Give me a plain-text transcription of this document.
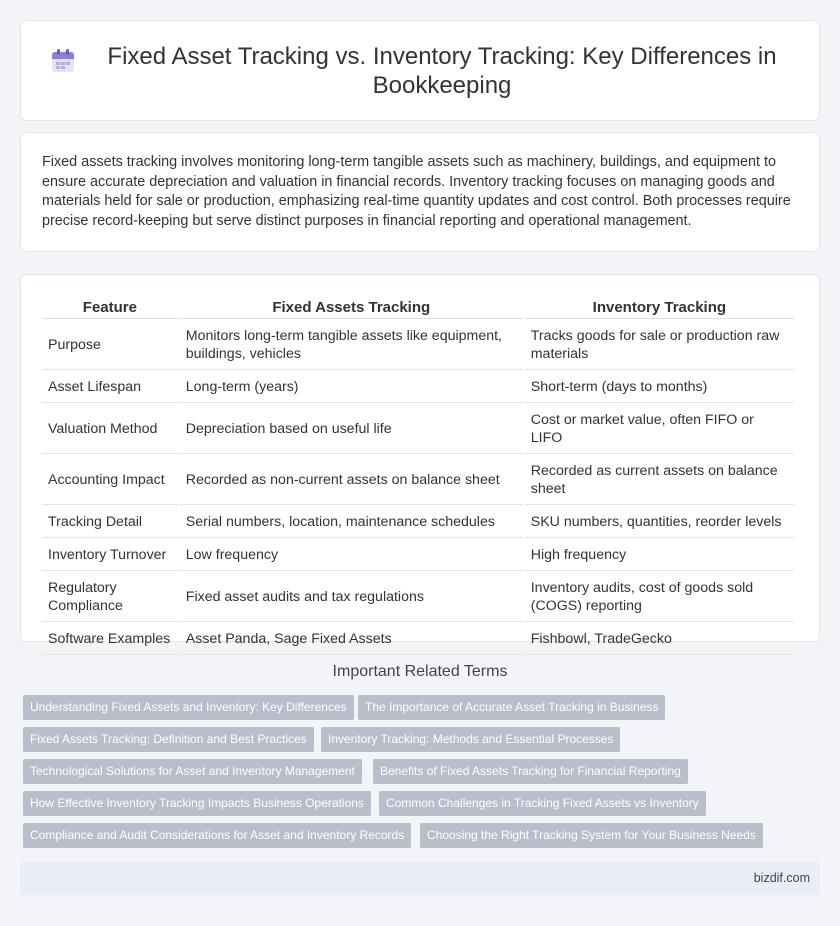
Fixed Asset Tracking vs. Inventory Tracking: Key Differences in Bookkeeping

Fixed assets tracking involves monitoring long-term tangible assets such as machinery, buildings, and equipment to ensure accurate depreciation and valuation in financial records. Inventory tracking focuses on managing goods and materials held for sale or production, emphasizing real-time quantity updates and cost control. Both processes require precise record-keeping but serve distinct purposes in financial reporting and operational management.

Feature	Fixed Assets Tracking	Inventory Tracking
Purpose	Monitors long-term tangible assets like equipment, buildings, vehicles	Tracks goods for sale or production raw materials
Asset Lifespan	Long-term (years)	Short-term (days to months)
Valuation Method	Depreciation based on useful life	Cost or market value, often FIFO or LIFO
Accounting Impact	Recorded as non-current assets on balance sheet	Recorded as current assets on balance sheet
Tracking Detail	Serial numbers, location, maintenance schedules	SKU numbers, quantities, reorder levels
Inventory Turnover	Low frequency	High frequency
Regulatory Compliance	Fixed asset audits and tax regulations	Inventory audits, cost of goods sold (COGS) reporting
Software Examples	Asset Panda, Sage Fixed Assets	Fishbowl, TradeGecko
Important Related Terms
Understanding Fixed Assets and Inventory: Key Differences	The Importance of Accurate Asset Tracking in Business
Fixed Assets Tracking: Definition and Best Practices	Inventory Tracking: Methods and Essential Processes
Technological Solutions for Asset and Inventory Management	Benefits of Fixed Assets Tracking for Financial Reporting
How Effective Inventory Tracking Impacts Business Operations	Common Challenges in Tracking Fixed Assets vs Inventory
Compliance and Audit Considerations for Asset and Inventory Records	Choosing the Right Tracking System for Your Business Needs
bizdif.com
